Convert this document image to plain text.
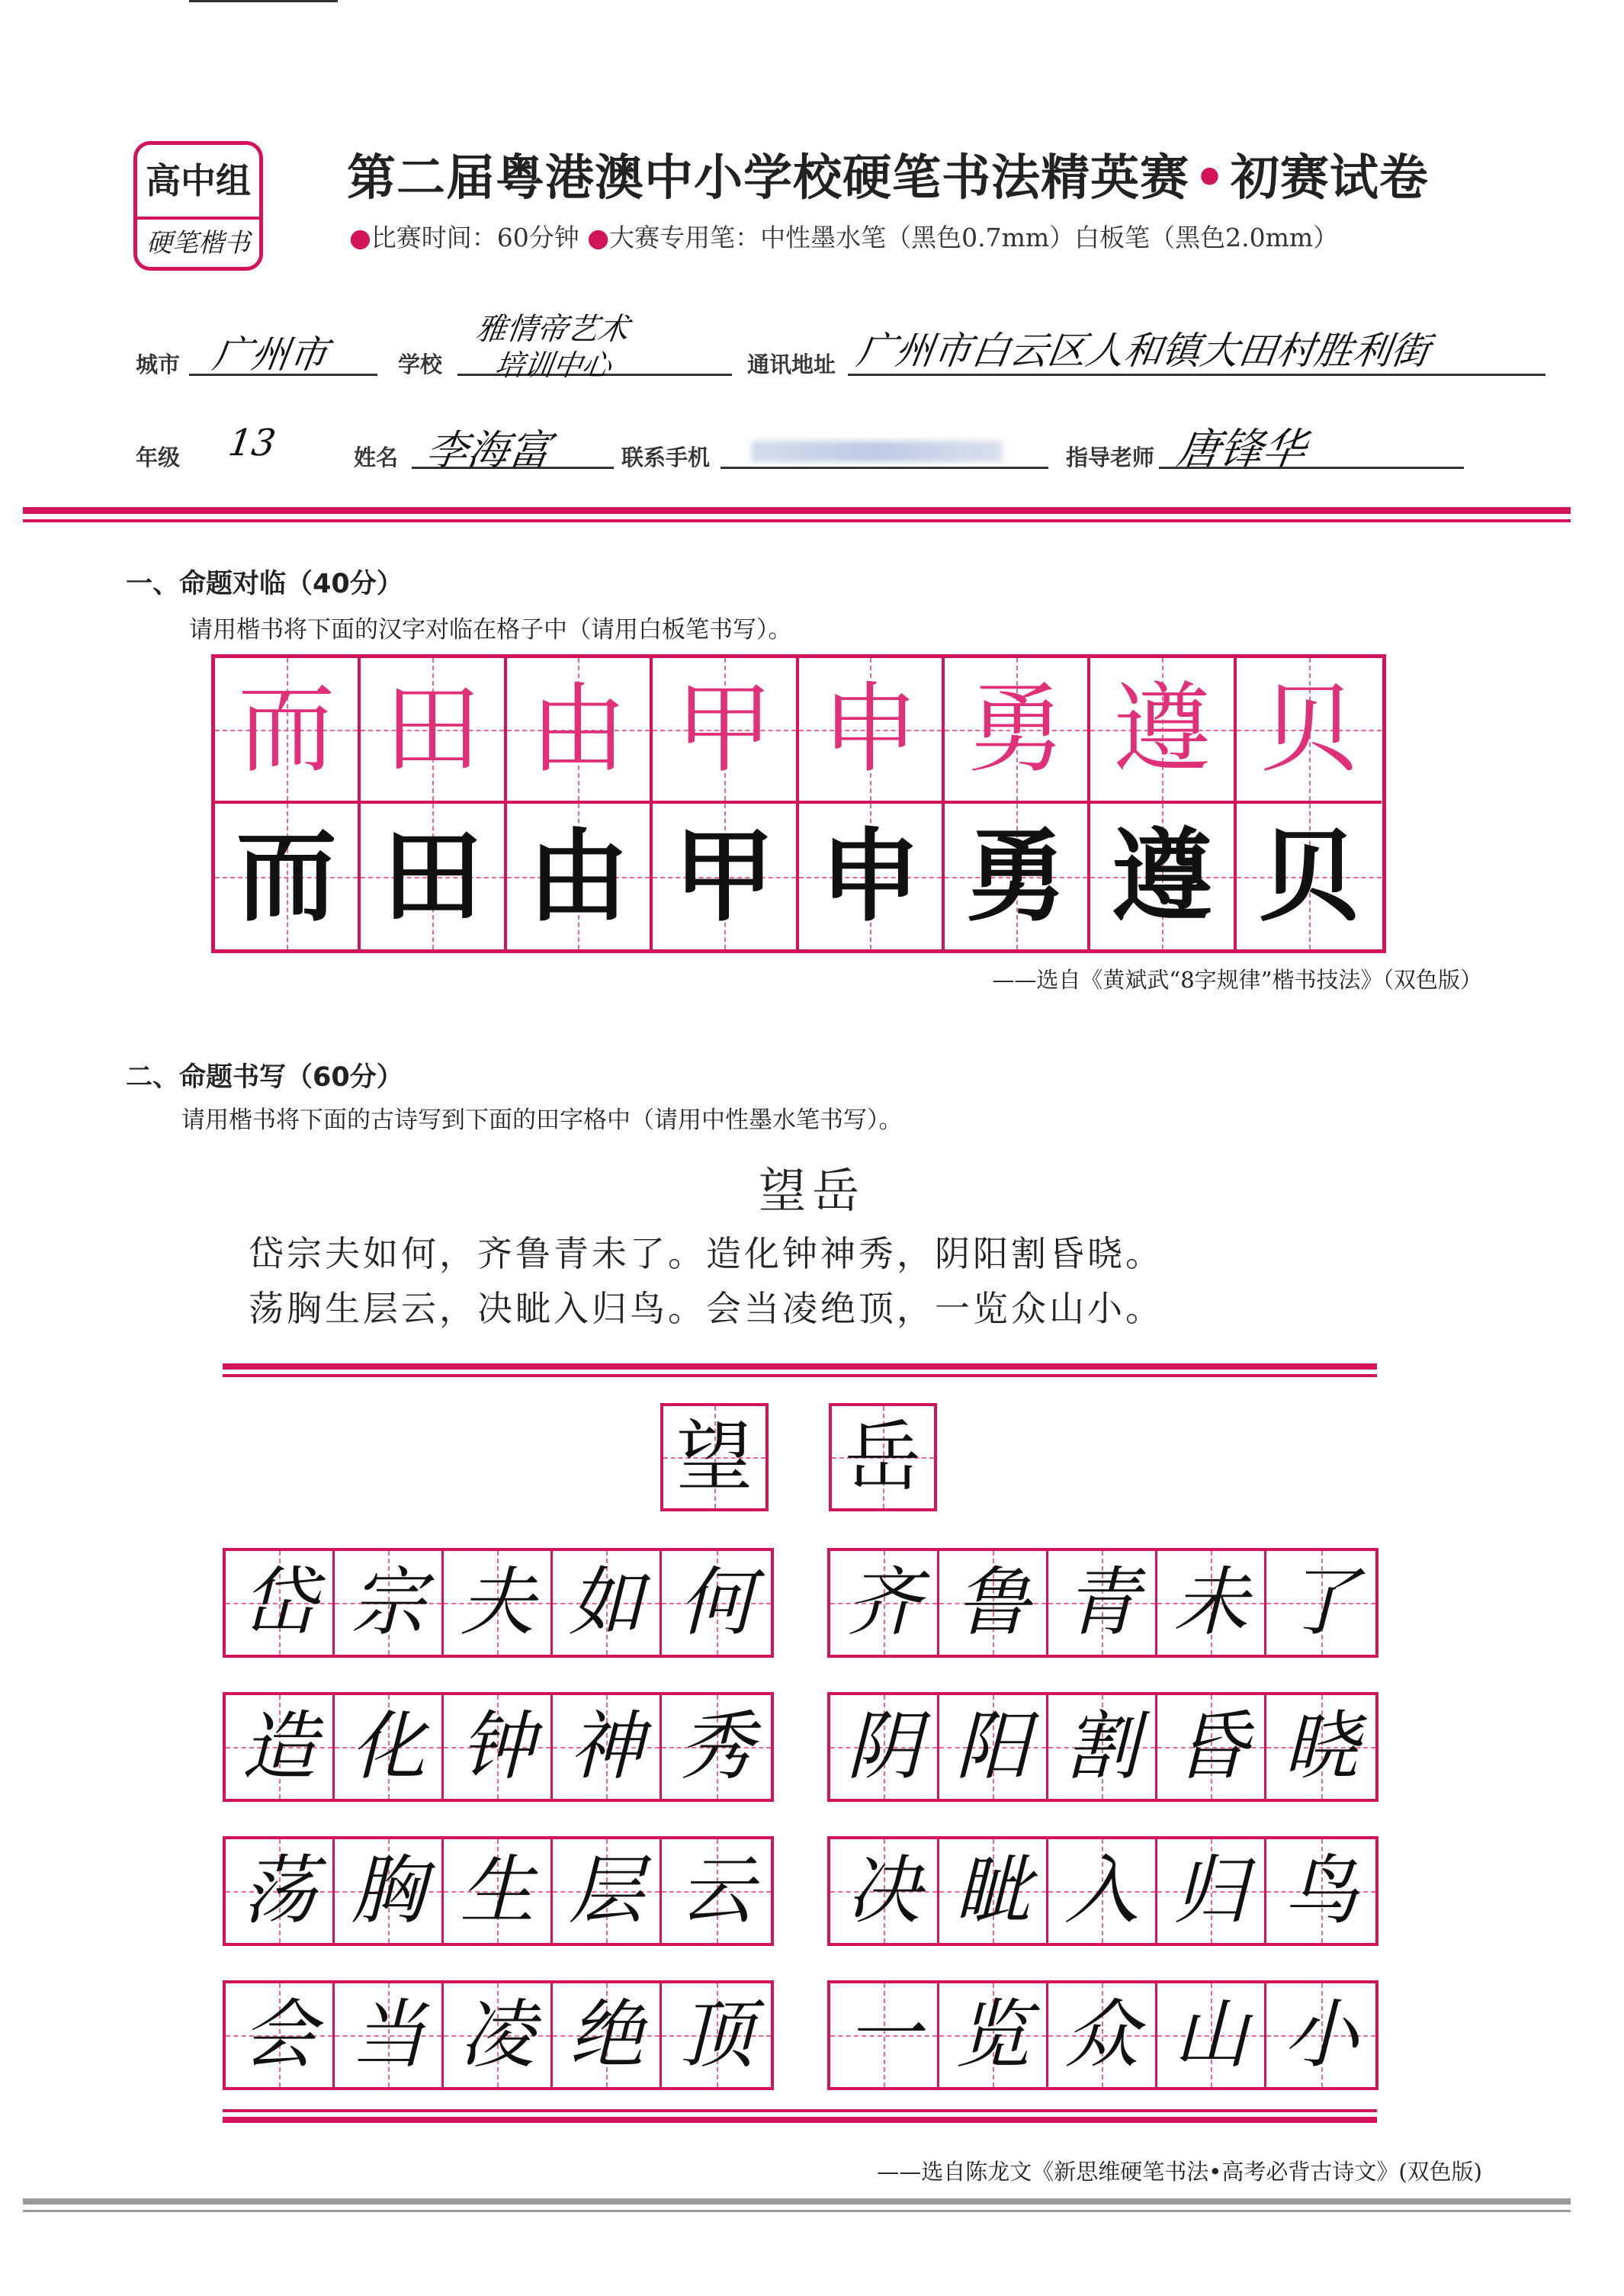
高中组
硬笔楷书
第二届粤港澳中小学校硬笔书法精英赛•初赛试卷
●比赛时间：60分钟 ●大赛专用笔：中性墨水笔（黑色0.7mm）白板笔（黑色2.0mm）
城市 广州市	学校
雅情帝艺术
培训中心	通讯地址 广州市白云区人和镇大田村胜利街
年级 13	姓名 李海富	联系手机	指导老师 唐锋华
一、命题对临（40分）
请用楷书将下面的汉字对临在格子中（请用白板笔书写）。
而 田 由 甲 申 勇 遵 贝
而 田 由 甲 申 勇 遵 贝
——选自《黄斌武“8字规律”楷书技法》（双色版）
二、命题书写（60分）
请用楷书将下面的古诗写到下面的田字格中（请用中性墨水笔书写）。
望岳
岱宗夫如何，齐鲁青未了。造化钟神秀，阴阳割昏晓。
荡胸生层云，决眦入归鸟。会当凌绝顶，一览众山小。
望 岳
岱 宗 夫 如 何 齐 鲁 青 未 了
造 化 钟 神 秀 阴 阳 割 昏 晓
荡 胸 生 层 云 决 眦 入 归 鸟
会 当 凌 绝 顶 一 览 众 山 小
——选自陈龙文《新思维硬笔书法•高考必背古诗文》(双色版)
